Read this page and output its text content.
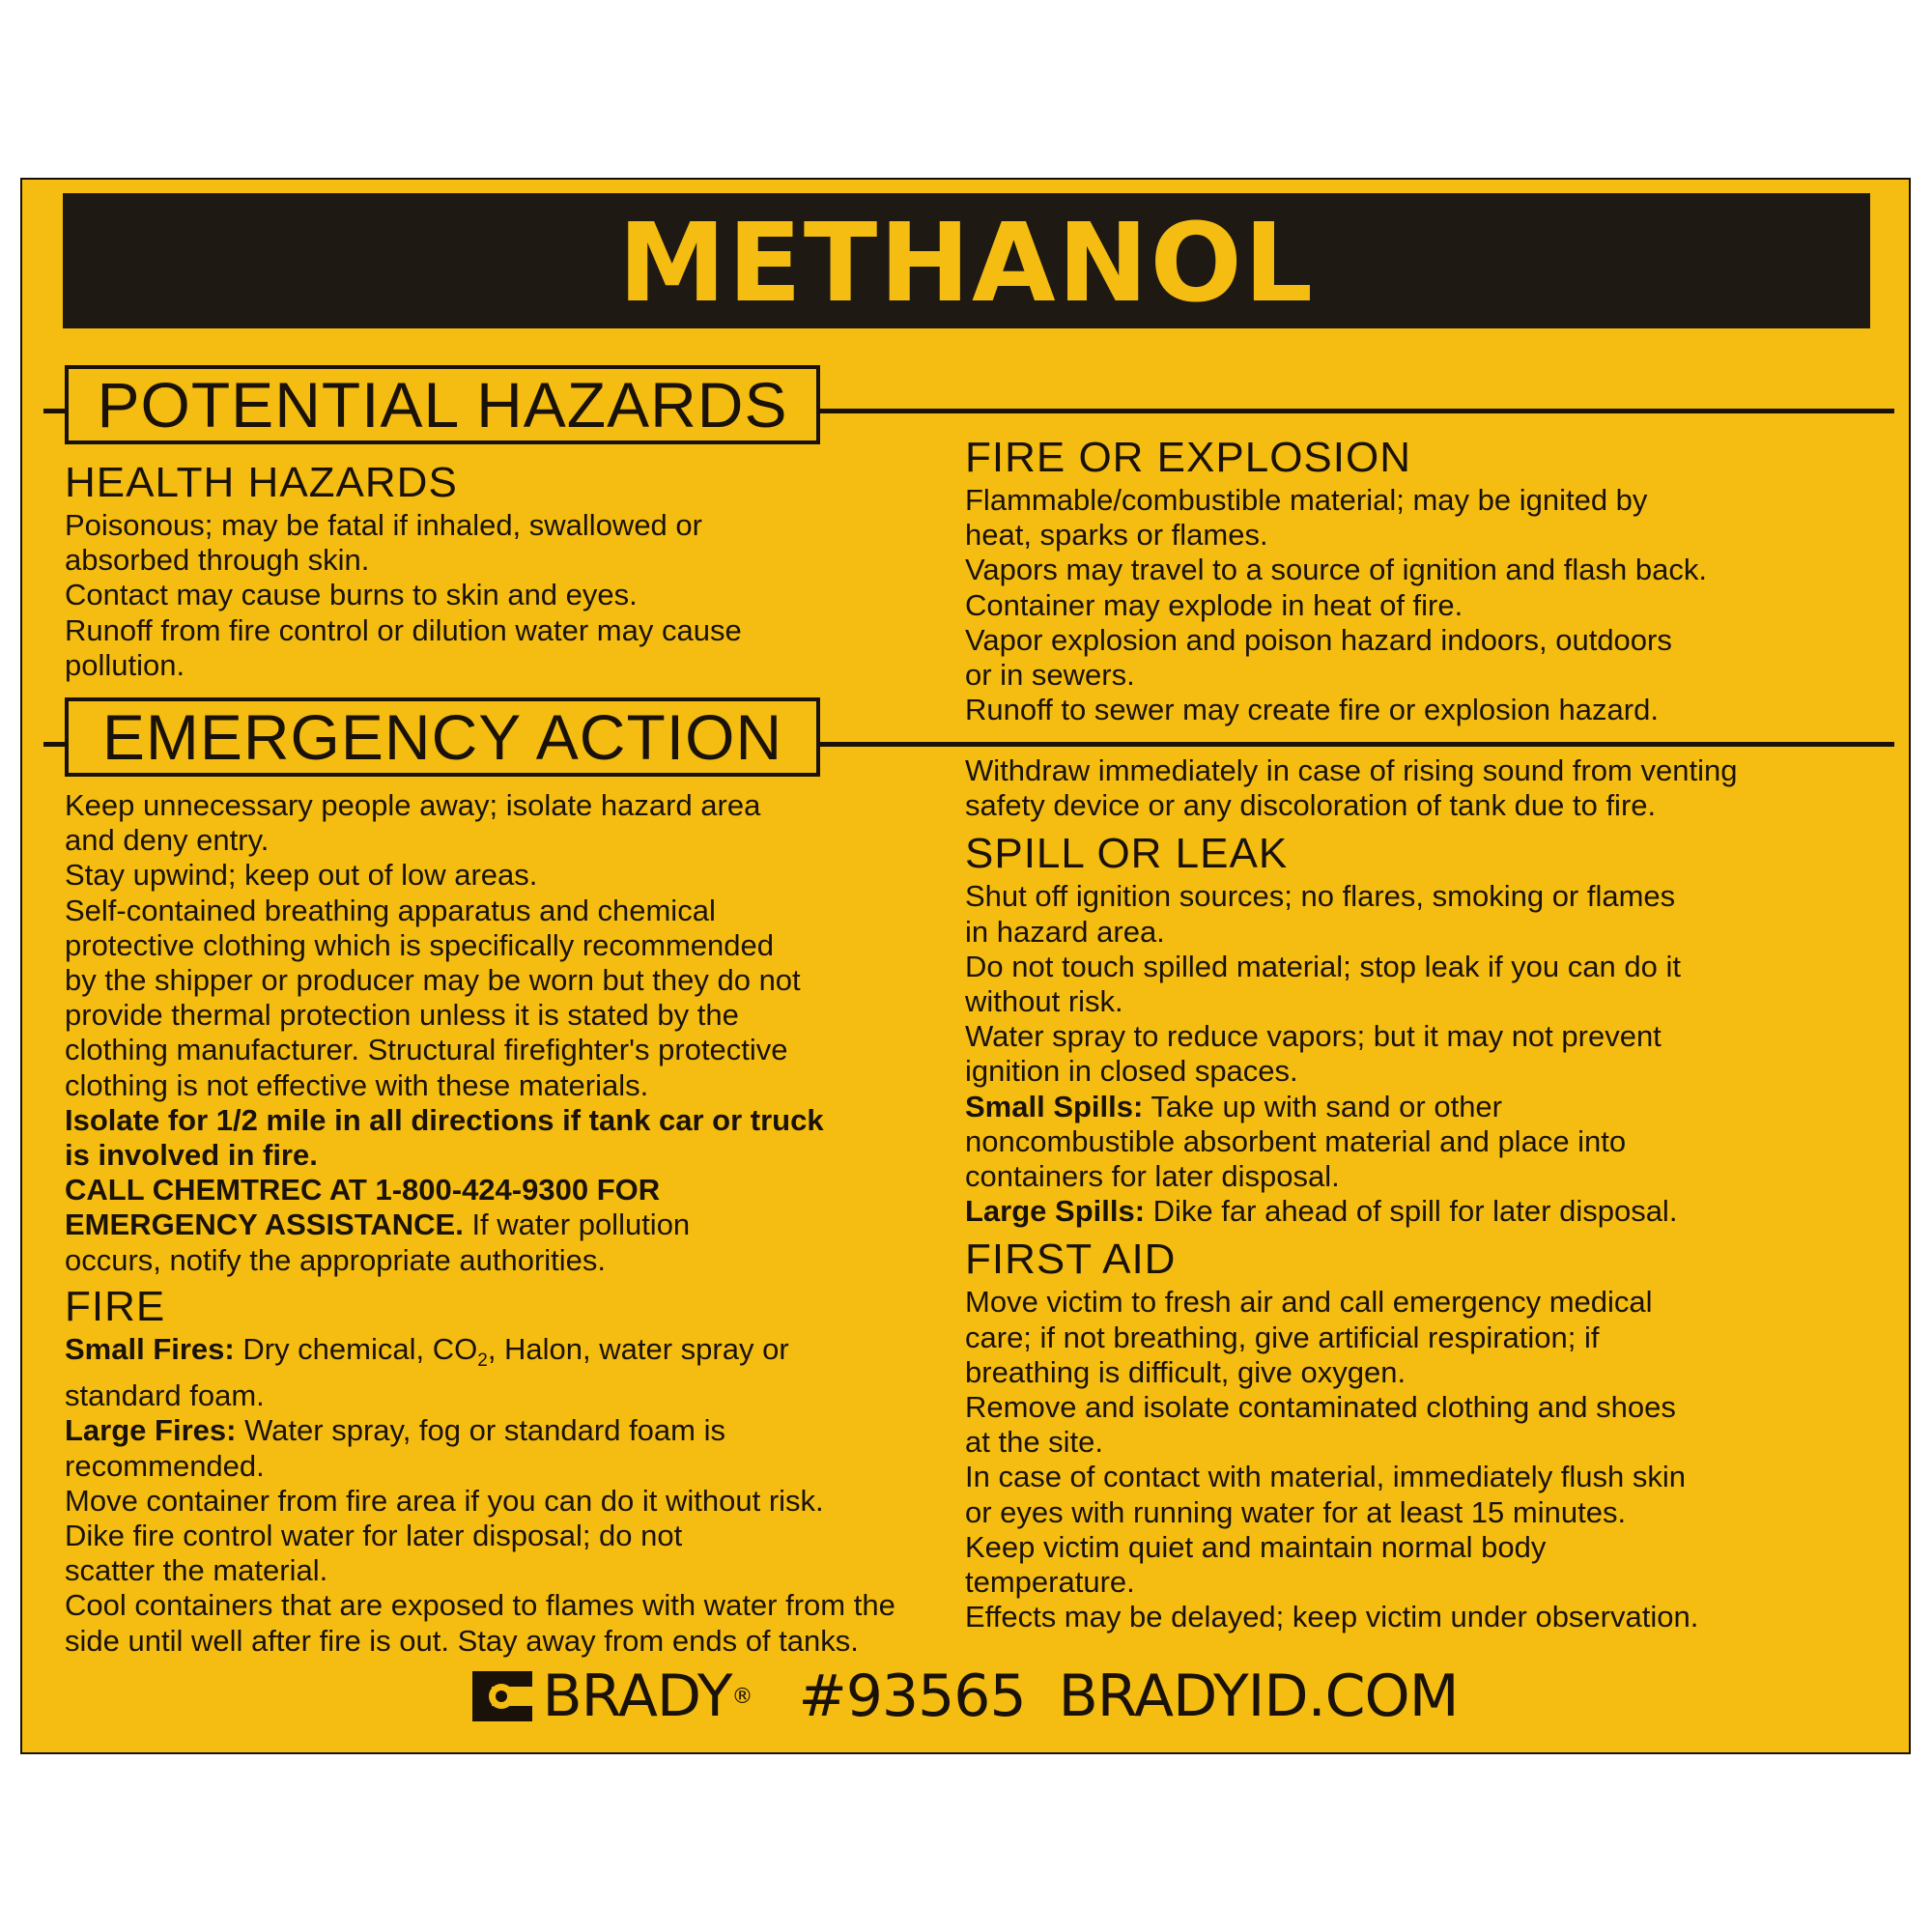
METHANOL
POTENTIAL HAZARDS
EMERGENCY ACTION
HEALTH HAZARDS

Poisonous; may be fatal if inhaled, swallowed or
absorbed through skin.
Contact may cause burns to skin and eyes.
Runoff from fire control or dilution water may cause
pollution.

FIRE OR EXPLOSION

Flammable/combustible material; may be ignited by
heat, sparks or flames.
Vapors may travel to a source of ignition and flash back.
Container may explode in heat of fire.
Vapor explosion and poison hazard indoors, outdoors
or in sewers.
Runoff to sewer may create fire or explosion hazard.

Keep unnecessary people away; isolate hazard area
and deny entry.
Stay upwind; keep out of low areas.
Self-contained breathing apparatus and chemical
protective clothing which is specifically recommended
by the shipper or producer may be worn but they do not
provide thermal protection unless it is stated by the
clothing manufacturer. Structural firefighter's protective
clothing is not effective with these materials.

Isolate for 1/2 mile in all directions if tank car or truck
is involved in fire.

CALL CHEMTREC AT 1-800-424-9300 FOR
EMERGENCY ASSISTANCE. If water pollution
occurs, notify the appropriate authorities.

FIRE

Small Fires: Dry chemical, $CO_2$, Halon, water spray or
standard foam.

Large Fires: Water spray, fog or standard foam is
recommended.

Move container from fire area if you can do it without risk.
Dike fire control water for later disposal; do not
scatter the material.
Cool containers that are exposed to flames with water from the
side until well after fire is out. Stay away from ends of tanks.

Withdraw immediately in case of rising sound from venting
safety device or any discoloration of tank due to fire.

SPILL OR LEAK

Shut off ignition sources; no flares, smoking or flames
in hazard area.
Do not touch spilled material; stop leak if you can do it
without risk.
Water spray to reduce vapors; but it may not prevent
ignition in closed spaces.

Small Spills: Take up with sand or other
noncombustible absorbent material and place into
containers for later disposal.

Large Spills: Dike far ahead of spill for later disposal.

FIRST AID

Move victim to fresh air and call emergency medical
care; if not breathing, give artificial respiration; if
breathing is difficult, give oxygen.
Remove and isolate contaminated clothing and shoes
at the site.
In case of contact with material, immediately flush skin
or eyes with running water for at least 15 minutes.
Keep victim quiet and maintain normal body
temperature.
Effects may be delayed; keep victim under observation.

BRADY ® #93565 BRADYID.COM
